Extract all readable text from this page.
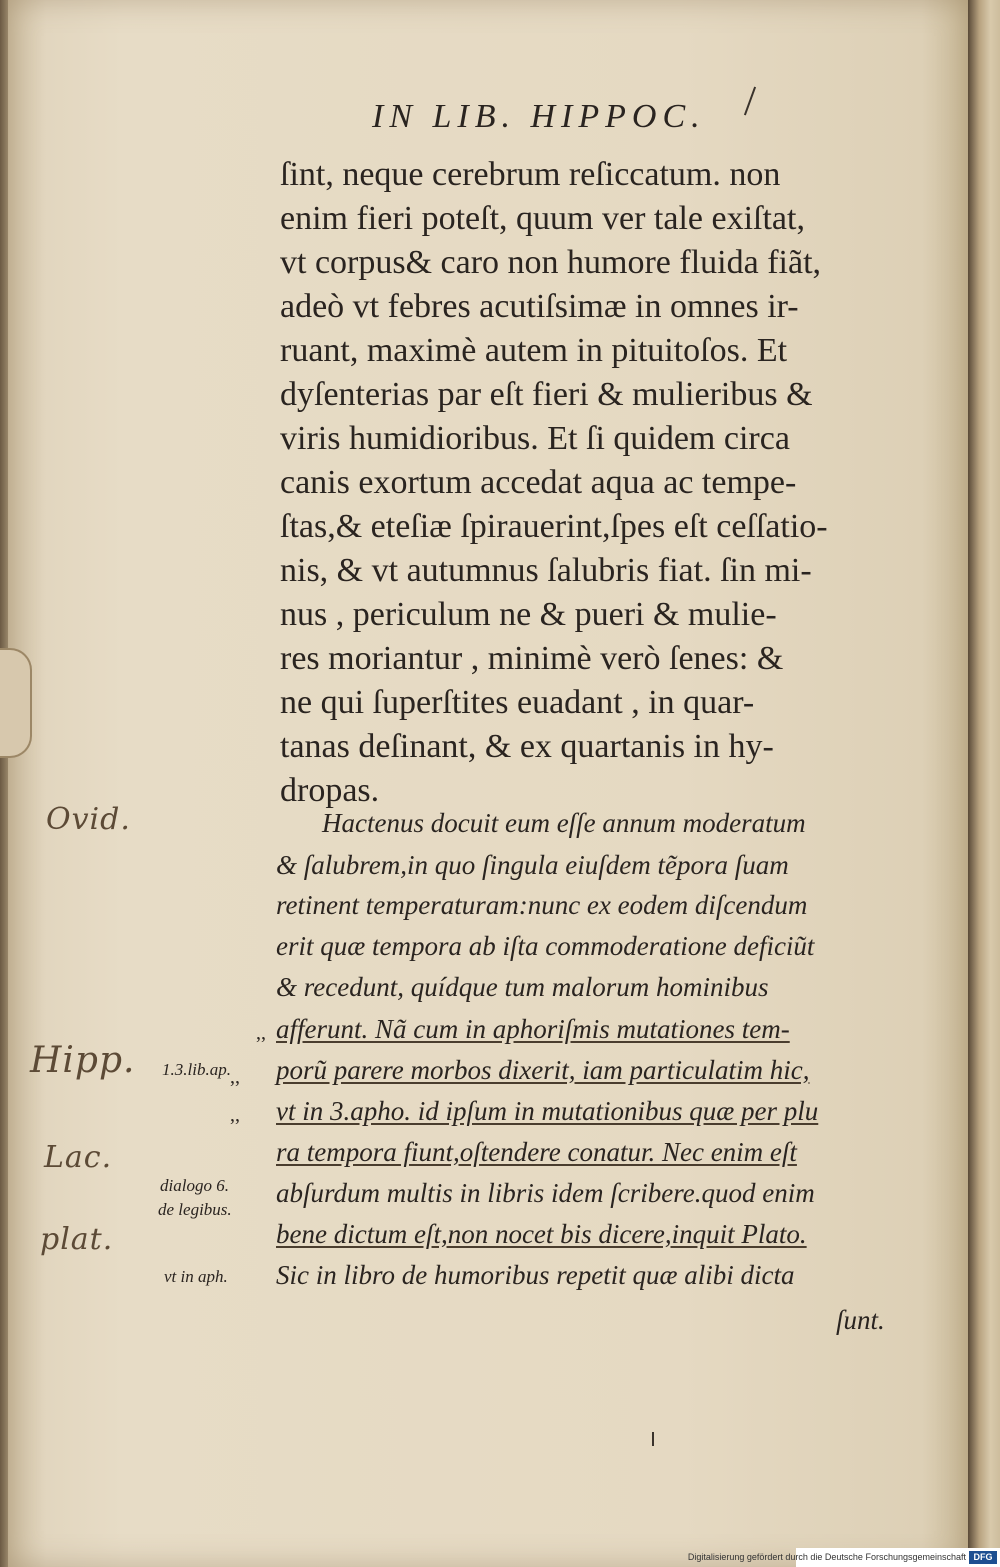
IN LIB. HIPPOC.
ſint, neque cerebrum reſiccatum. non
enim fieri poteſt, quum ver tale exiſtat,
vt corpus& caro non humore fluida fiãt,
adeò vt febres acutiſsimæ in omnes ir-
ruant, maximè autem in pituitoſos. Et
dyſenterias par eſt fieri & mulieribus &
viris humidioribus. Et ſi quidem circa
canis exortum accedat aqua ac tempe-
ſtas,& eteſiæ ſpirauerint,ſpes eſt ceſſatio-
nis, & vt autumnus ſalubris fiat. ſin mi-
nus , periculum ne & pueri & mulie-
res moriantur , minimè verò ſenes: &
ne qui ſuperſtites euadant , in quar-
tanas deſinant, & ex quartanis in hy-
dropas.
Hactenus docuit eum eſſe annum moderatum
& ſalubrem,in quo ſingula eiuſdem tẽpora ſuam
retinent temperaturam:nunc ex eodem diſcendum
erit quæ tempora ab iſta commoderatione deficiũt
& recedunt, quídque tum malorum hominibus
afferunt. Nã cum in aphoriſmis mutationes tem-
porũ parere morbos dixerit, iam particulatim hic,
vt in 3.apho. id ipſum in mutationibus quæ per plu
ra tempora fiunt,oſtendere conatur. Nec enim eſt
abſurdum multis in libris idem ſcribere.quod enim
bene dictum eſt,non nocet bis dicere,inquit Plato.
Sic in libro de humoribus repetit quæ alibi dicta
ſunt.
,,
,,
,,
1.3.lib.ap.
dialogo 6.
de legibus.
vt in aph.
Ovid.
Hipp.
Lac.
plat.
Digitalisierung gefördert durch die Deutsche Forschungsgemeinschaft DFG
